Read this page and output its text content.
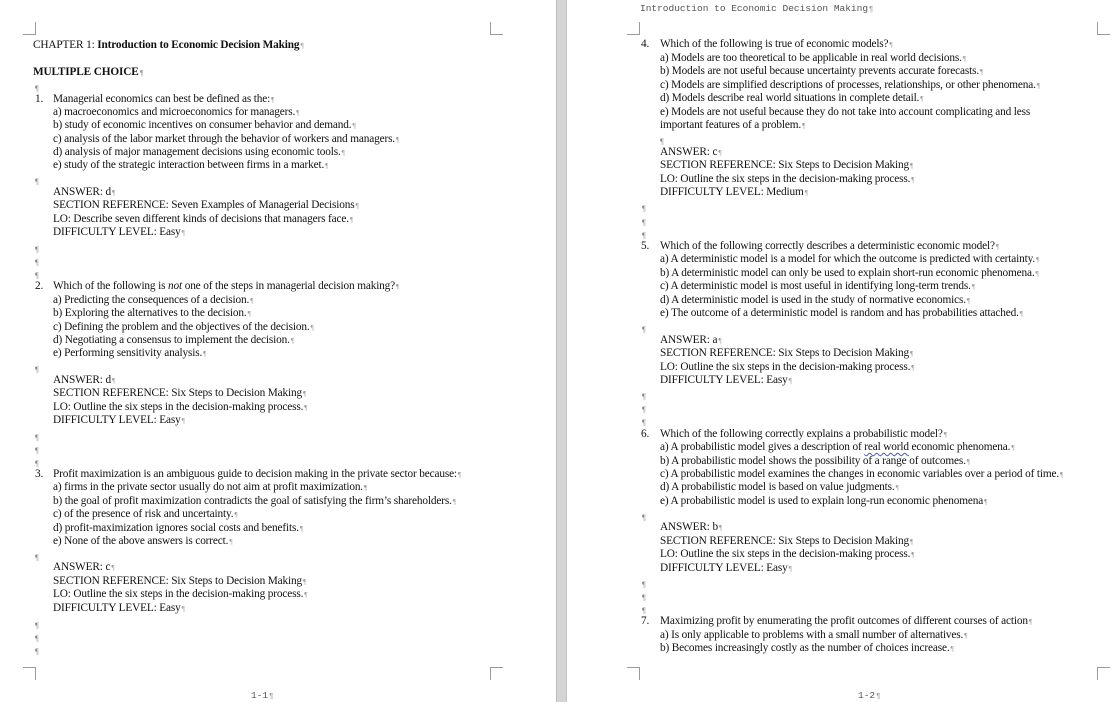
CHAPTER 1: Introduction to Economic Decision Making¶
MULTIPLE CHOICE¶
¶
1. Managerial economics can best be defined as the:¶
a) macroeconomics and microeconomics for managers.¶
b) study of economic incentives on consumer behavior and demand.¶
c) analysis of the labor market through the behavior of workers and managers.¶
d) analysis of major management decisions using economic tools.¶
e) study of the strategic interaction between firms in a market.¶
¶
ANSWER: d¶
SECTION REFERENCE: Seven Examples of Managerial Decisions¶
LO: Describe seven different kinds of decisions that managers face.¶
DIFFICULTY LEVEL: Easy¶
¶
¶
¶
2. Which of the following is not one of the steps in managerial decision making?¶
a) Predicting the consequences of a decision.¶
b) Exploring the alternatives to the decision.¶
c) Defining the problem and the objectives of the decision.¶
d) Negotiating a consensus to implement the decision.¶
e) Performing sensitivity analysis.¶
¶
ANSWER: d¶
SECTION REFERENCE: Six Steps to Decision Making¶
LO: Outline the six steps in the decision-making process.¶
DIFFICULTY LEVEL: Easy¶
¶
¶
¶
3. Profit maximization is an ambiguous guide to decision making in the private sector because:¶
a) firms in the private sector usually do not aim at profit maximization.¶
b) the goal of profit maximization contradicts the goal of satisfying the firm’s shareholders.¶
c) of the presence of risk and uncertainty.¶
d) profit-maximization ignores social costs and benefits.¶
e) None of the above answers is correct.¶
¶
ANSWER: c¶
SECTION REFERENCE: Six Steps to Decision Making¶
LO: Outline the six steps in the decision-making process.¶
DIFFICULTY LEVEL: Easy¶
¶
¶
¶
1-1¶
Introduction to Economic Decision Making¶
4. Which of the following is true of economic models?¶
a) Models are too theoretical to be applicable in real world decisions.¶
b) Models are not useful because uncertainty prevents accurate forecasts.¶
c) Models are simplified descriptions of processes, relationships, or other phenomena.¶
d) Models describe real world situations in complete detail.¶
e) Models are not useful because they do not take into account complicating and less
important features of a problem.¶
¶
ANSWER: c¶
SECTION REFERENCE: Six Steps to Decision Making¶
LO: Outline the six steps in the decision-making process.¶
DIFFICULTY LEVEL: Medium¶
¶
¶
¶
5. Which of the following correctly describes a deterministic economic model?¶
a) A deterministic model is a model for which the outcome is predicted with certainty.¶
b) A deterministic model can only be used to explain short-run economic phenomena.¶
c) A deterministic model is most useful in identifying long-term trends.¶
d) A deterministic model is used in the study of normative economics.¶
e) The outcome of a deterministic model is random and has probabilities attached.¶
¶
ANSWER: a¶
SECTION REFERENCE: Six Steps to Decision Making¶
LO: Outline the six steps in the decision-making process.¶
DIFFICULTY LEVEL: Easy¶
¶
¶
¶
6. Which of the following correctly explains a probabilistic model?¶
a) A probabilistic model gives a description of real world economic phenomena.¶
b) A probabilistic model shows the possibility of a range of outcomes.¶
c) A probabilistic model examines the changes in economic variables over a period of time.¶
d) A probabilistic model is based on value judgments.¶
e) A probabilistic model is used to explain long-run economic phenomena¶
¶
ANSWER: b¶
SECTION REFERENCE: Six Steps to Decision Making¶
LO: Outline the six steps in the decision-making process.¶
DIFFICULTY LEVEL: Easy¶
¶
¶
¶
7. Maximizing profit by enumerating the profit outcomes of different courses of action¶
a) Is only applicable to problems with a small number of alternatives.¶
b) Becomes increasingly costly as the number of choices increase.¶
1-2¶
